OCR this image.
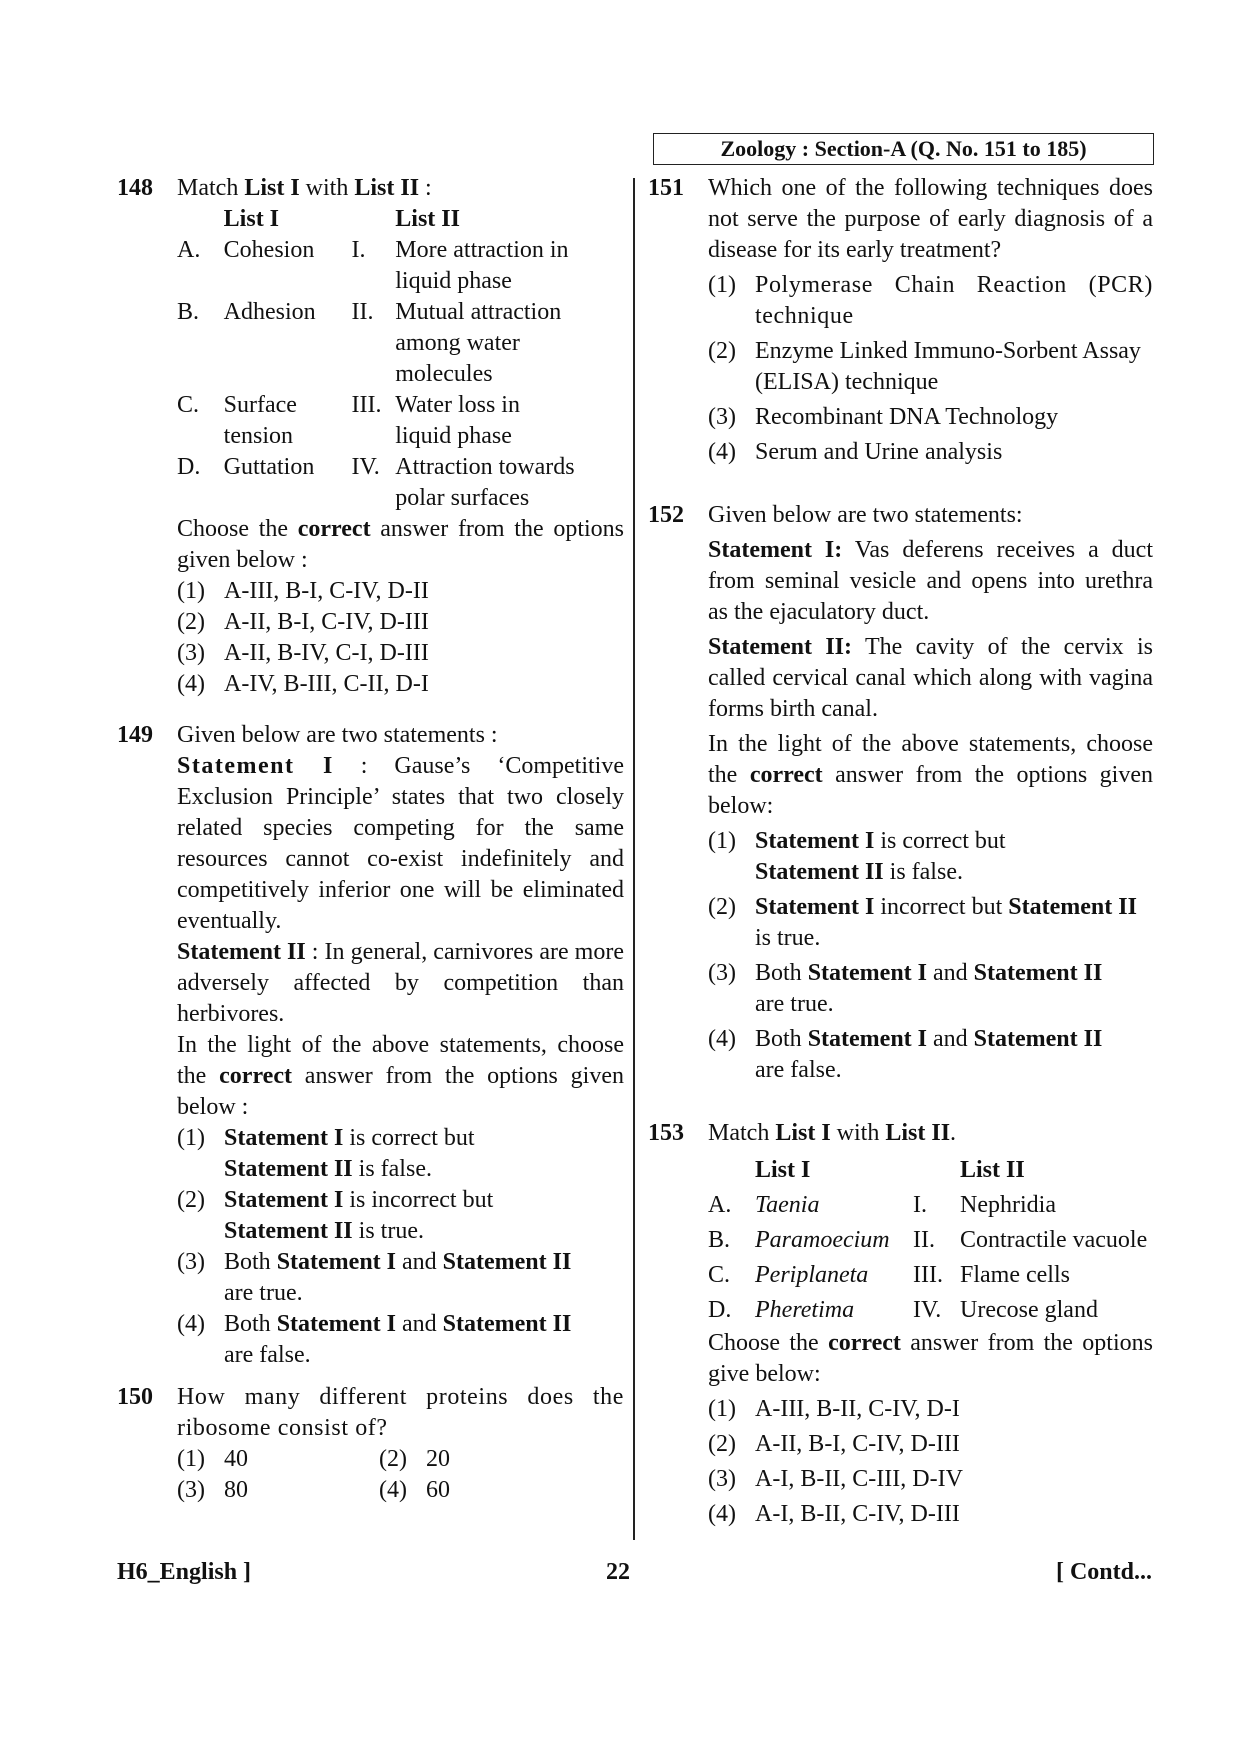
Zoology : Section-A (Q. No. 151 to 185)
148 Match List I with List II :

	List I		List II
A.	Cohesion	I.	More attraction in liquid phase
B.	Adhesion	II.	Mutual attraction among water molecules
C.	Surface tension	III.	Water loss in liquid phase
D.	Guttation	IV.	Attraction towards polar surfaces

Choose the correct answer from the options given below :

(1) A-III, B-I, C-IV, D-II
(2) A-II, B-I, C-IV, D-III
(3) A-II, B-IV, C-I, D-III
(4) A-IV, B-III, C-II, D-I
149 Given below are two statements :

Statement I : Gause’s ‘Competitive Exclusion Principle’ states that two closely related species competing for the same resources cannot co-exist indefinitely and competitively inferior one will be eliminated eventually.

Statement II : In general, carnivores are more adversely affected by competition than herbivores.

In the light of the above statements, choose the correct answer from the options given below :

(1) Statement I is correct but
Statement II is false.
(2) Statement I is incorrect but
Statement II is true.
(3) Both Statement I and Statement II
are true.
(4) Both Statement I and Statement II
are false.
150 How many different proteins does the ribosome consist of?

(1)	40	(2)	20
(3)	80	(4)	60
151 Which one of the following techniques does not serve the purpose of early diagnosis of a disease for its early treatment?

(1) Polymerase Chain Reaction (PCR) technique
(2) Enzyme Linked Immuno-Sorbent Assay (ELISA) technique
(3) Recombinant DNA Technology
(4) Serum and Urine analysis
152 Given below are two statements:

Statement I: Vas deferens receives a duct from seminal vesicle and opens into urethra as the ejaculatory duct.

Statement II: The cavity of the cervix is called cervical canal which along with vagina forms birth canal.

In the light of the above statements, choose the correct answer from the options given below:

(1) Statement I is correct but
Statement II is false.
(2) Statement I incorrect but Statement II
is true.
(3) Both Statement I and Statement II
are true.
(4) Both Statement I and Statement II
are false.
153 Match List I with List II.

	List I		List II
A.	Taenia	I.	Nephridia
B.	Paramoecium	II.	Contractile vacuole
C.	Periplaneta	III.	Flame cells
D.	Pheretima	IV.	Urecose gland

Choose the correct answer from the options give below:

(1) A-III, B-II, C-IV, D-I
(2) A-II, B-I, C-IV, D-III
(3) A-I, B-II, C-III, D-IV
(4) A-I, B-II, C-IV, D-III
H6_English ]	22	[ Contd...
